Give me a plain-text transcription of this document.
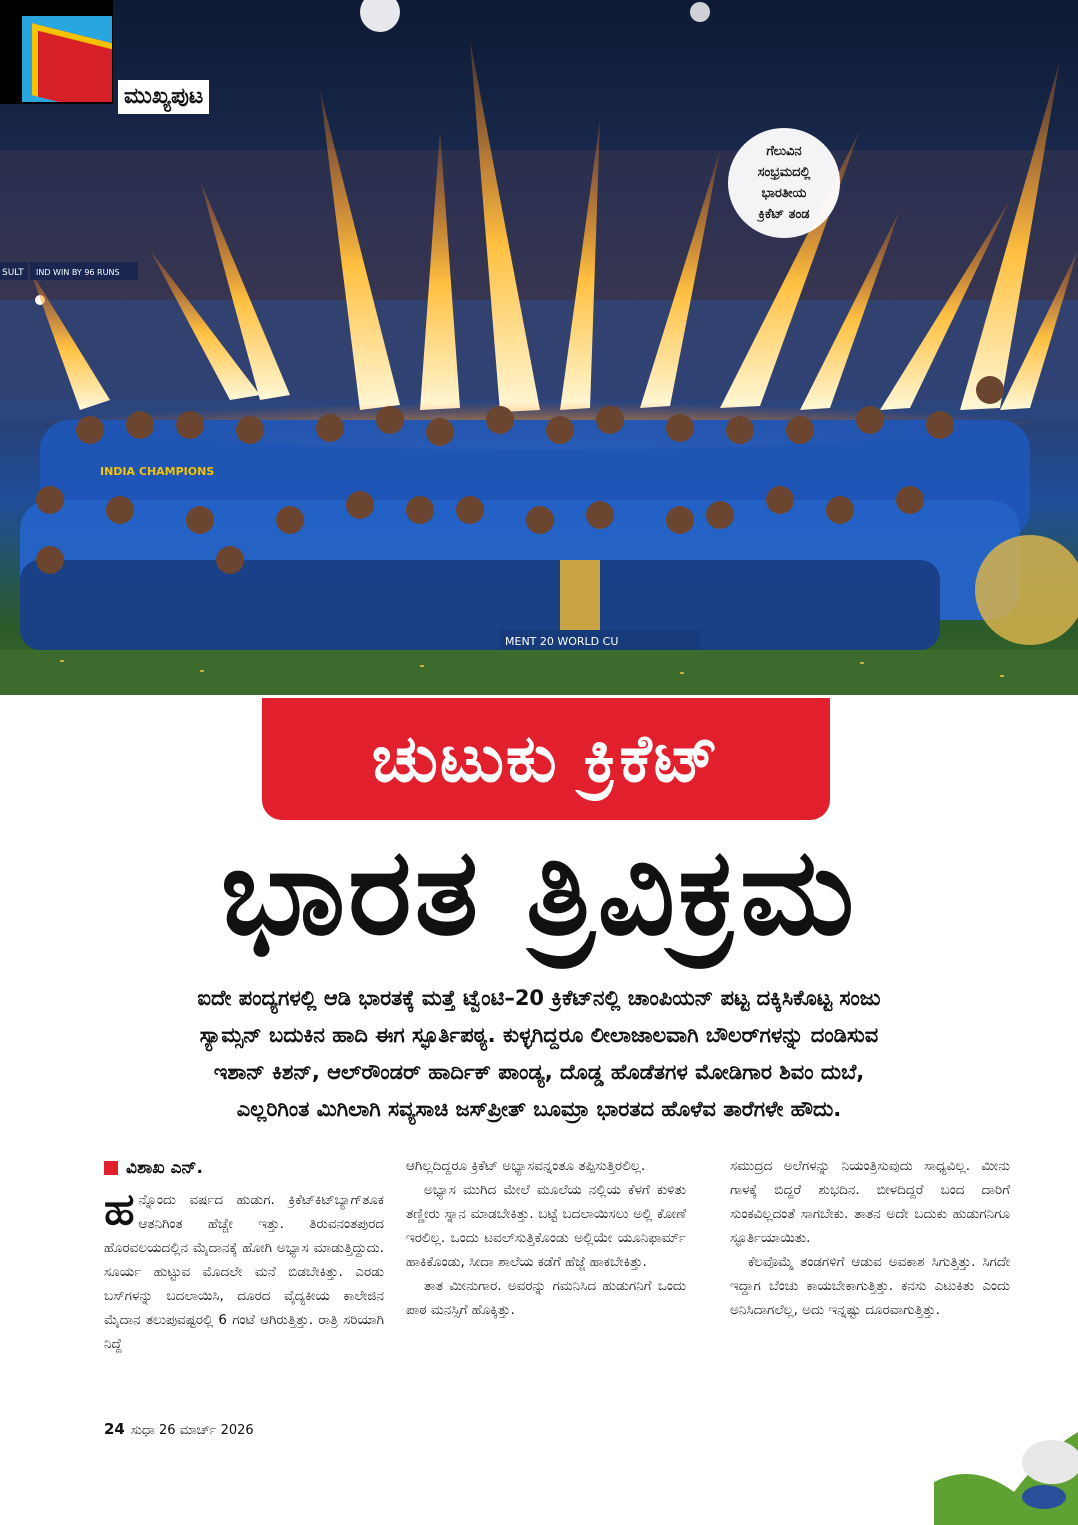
SULT IND WIN BY 96 RUNS
INDIA CHAMPIONS
MENT 20 WORLD CU
ಗೆಲುವಿನ
ಸಂಭ್ರಮದಲ್ಲಿ
ಭಾರತೀಯ
ಕ್ರಿಕೆಟ್ ತಂಡ
ಮುಖ್ಯಪುಟ
ಚುಟುಕು ಕ್ರಿಕೆಟ್
ಭಾರತ ತ್ರಿವಿಕ್ರಮ
ಐದೇ ಪಂದ್ಯಗಳಲ್ಲಿ ಆಡಿ ಭಾರತಕ್ಕೆ ಮತ್ತೆ ಟ್ವೆಂಟಿ–20 ಕ್ರಿಕೆಟ್‌ನಲ್ಲಿ ಚಾಂಪಿಯನ್ ಪಟ್ಟ ದಕ್ಕಿಸಿಕೊಟ್ಟ ಸಂಜು
ಸ್ಯಾಮ್ಸನ್ ಬದುಕಿನ ಹಾದಿ ಈಗ ಸ್ಫೂರ್ತಿಪಠ್ಯ. ಕುಳ್ಳಗಿದ್ದರೂ ಲೀಲಾಜಾಲವಾಗಿ ಬೌಲರ್‌ಗಳನ್ನು ದಂಡಿಸುವ
ಇಶಾನ್ ಕಿಶನ್, ಆಲ್‌ರೌಂಡರ್ ಹಾರ್ದಿಕ್ ಪಾಂಡ್ಯ, ದೊಡ್ಡ ಹೊಡೆತಗಳ ಮೋಡಿಗಾರ ಶಿವಂ ದುಬೆ,
ಎಲ್ಲರಿಗಿಂತ ಮಿಗಿಲಾಗಿ ಸವ್ಯಸಾಚಿ ಜಸ್‌ಪ್ರೀತ್ ಬೂಮ್ರಾ ಭಾರತದ ಹೊಳೆವ ತಾರೆಗಳೇ ಹೌದು.
ವಿಶಾಖ ಎನ್.

ಹನ್ನೊಂದು ವರ್ಷದ ಹುಡುಗ. ಕ್ರಿಕೆಟ್‌ಕಿಟ್‌ಬ್ಯಾಗ್‌ತೂಕ ಆತನಿಗಿಂತ ಹೆಚ್ಚೇ ಇತ್ತು. ತಿರುವನಂತಪುರದ ಹೊರವಲಯದಲ್ಲಿನ ಮೈದಾನಕ್ಕೆ ಹೋಗಿ ಅಭ್ಯಾಸ ಮಾಡುತ್ತಿದ್ದುದು. ಸೂರ್ಯ ಹುಟ್ಟುವ ಮೊದಲೇ ಮನೆ ಬಿಡಬೇಕಿತ್ತು. ಎರಡು ಬಸ್‌ಗಳನ್ನು ಬದಲಾಯಿಸಿ, ದೂರದ ವೈದ್ಯಕೀಯ ಕಾಲೇಜಿನ ಮೈದಾನ ತಲುಪುವಷ್ಟರಲ್ಲಿ 6 ಗಂಟೆ ಆಗಿರುತ್ತಿತ್ತು. ರಾತ್ರಿ ಸರಿಯಾಗಿ ನಿದ್ದೆ

ಆಗಿಲ್ಲದಿದ್ದರೂ ಕ್ರಿಕೆಟ್ ಅಭ್ಯಾಸವನ್ನಂತೂ ತಪ್ಪಿಸುತ್ತಿರಲಿಲ್ಲ.

ಅಭ್ಯಾಸ ಮುಗಿದ ಮೇಲೆ ಮೂಲೆಯ ನಲ್ಲಿಯ ಕೆಳಗೆ ಕುಳಿತು ತಣ್ಣೀರು ಸ್ನಾನ ಮಾಡಬೇಕಿತ್ತು. ಬಟ್ಟೆ ಬದಲಾಯಿಸಲು ಅಲ್ಲಿ ಕೋಣೆ ಇರಲಿಲ್ಲ. ಒಂದು ಟವಲ್‌ಸುತ್ತಿಕೊಂಡು ಅಲ್ಲಿಯೇ ಯೂನಿಫಾರ್ಮ್ ಹಾಕಿಕೊಂಡು, ಸೀದಾ ಶಾಲೆಯ ಕಡೆಗೆ ಹೆಜ್ಜೆ ಹಾಕಬೇಕಿತ್ತು.

ತಾತ ಮೀನುಗಾರ. ಅವರನ್ನು ಗಮನಿಸಿದ ಹುಡುಗನಿಗೆ ಒಂದು ಪಾಠ ಮನಸ್ಸಿಗೆ ಹೊಕ್ಕಿತ್ತು.

ಸಮುದ್ರದ ಅಲೆಗಳನ್ನು ನಿಯಂತ್ರಿಸುವುದು ಸಾಧ್ಯವಿಲ್ಲ. ಮೀನು ಗಾಳಕ್ಕೆ ಬಿದ್ದರೆ ಶುಭದಿನ. ಬೀಳದಿದ್ದರೆ ಬಂದ ದಾರಿಗೆ ಸುಂಕವಿಲ್ಲದಂತೆ ಸಾಗಬೇಕು. ತಾತನ ಅದೇ ಬದುಕು ಹುಡುಗನಿಗೂ ಸ್ಫೂರ್ತಿಯಾಯಿತು.

ಕೆಲವೊಮ್ಮೆ ತಂಡಗಳಿಗೆ ಆಡುವ ಅವಕಾಶ ಸಿಗುತ್ತಿತ್ತು. ಸಿಗದೇ ಇದ್ದಾಗ ಬೆಂಚು ಕಾಯಬೇಕಾಗುತ್ತಿತ್ತು. ಕನಸು ಎಟುಕಿತು ಎಂದು ಅನಿಸಿದಾಗಲೆಲ್ಲ, ಅದು ಇನ್ನಷ್ಟು ದೂರವಾಗುತ್ತಿತ್ತು.

24 ಸುಧಾ 26 ಮಾರ್ಚ್ 2026
